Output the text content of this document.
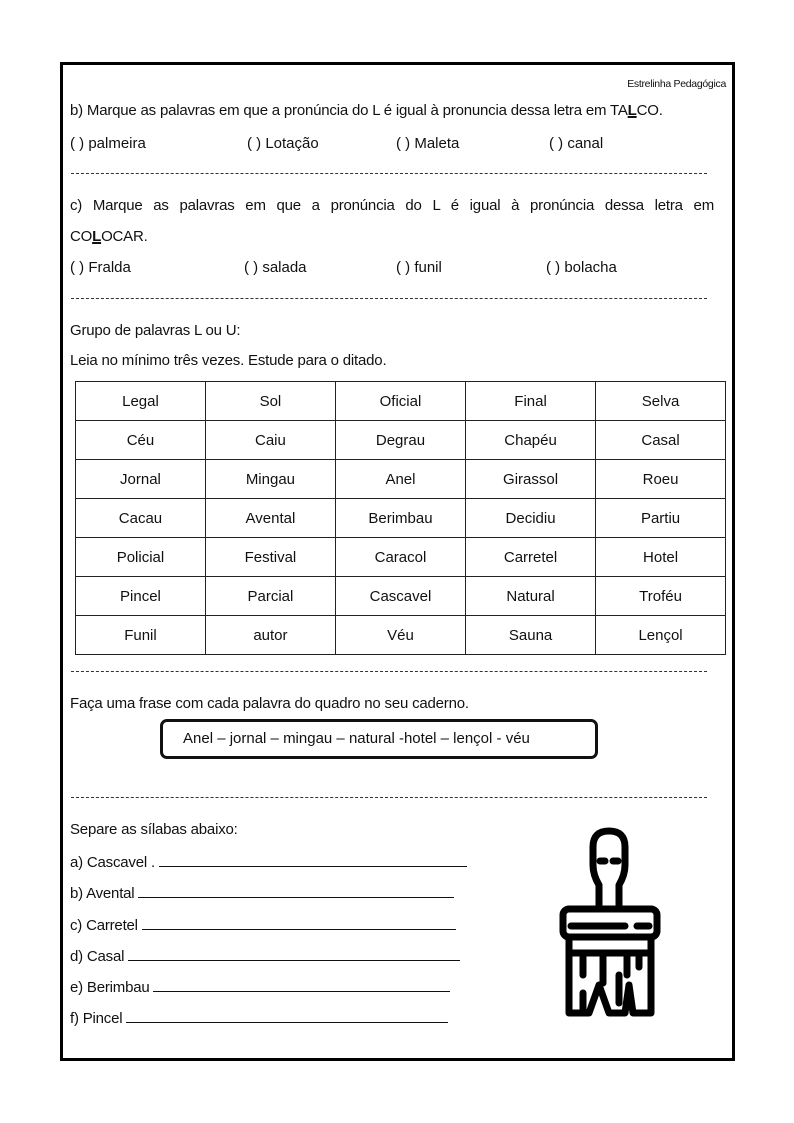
Estrelinha Pedagógica
b) Marque as palavras em que a pronúncia do L é igual à pronuncia dessa letra em TALCO.
( ) palmeira	( ) Lotação	( ) Maleta	( ) canal
c) Marque as palavras em que a pronúncia do L é igual à pronúncia dessa letra em
COLOCAR.
( ) Fralda	( ) salada	( ) funil	( ) bolacha
Grupo de palavras L ou U:
Leia no mínimo três vezes. Estude para o ditado.
Legal	Sol	Oficial	Final	Selva
Céu	Caiu	Degrau	Chapéu	Casal
Jornal	Mingau	Anel	Girassol	Roeu
Cacau	Avental	Berimbau	Decidiu	Partiu
Policial	Festival	Caracol	Carretel	Hotel
Pincel	Parcial	Cascavel	Natural	Troféu
Funil	autor	Véu	Sauna	Lençol
Faça uma frase com cada palavra do quadro no seu caderno.
Anel – jornal – mingau – natural -hotel – lençol - véu
Separe as sílabas abaixo:
a) Cascavel .
b) Avental
c) Carretel
d) Casal
e) Berimbau
f) Pincel
